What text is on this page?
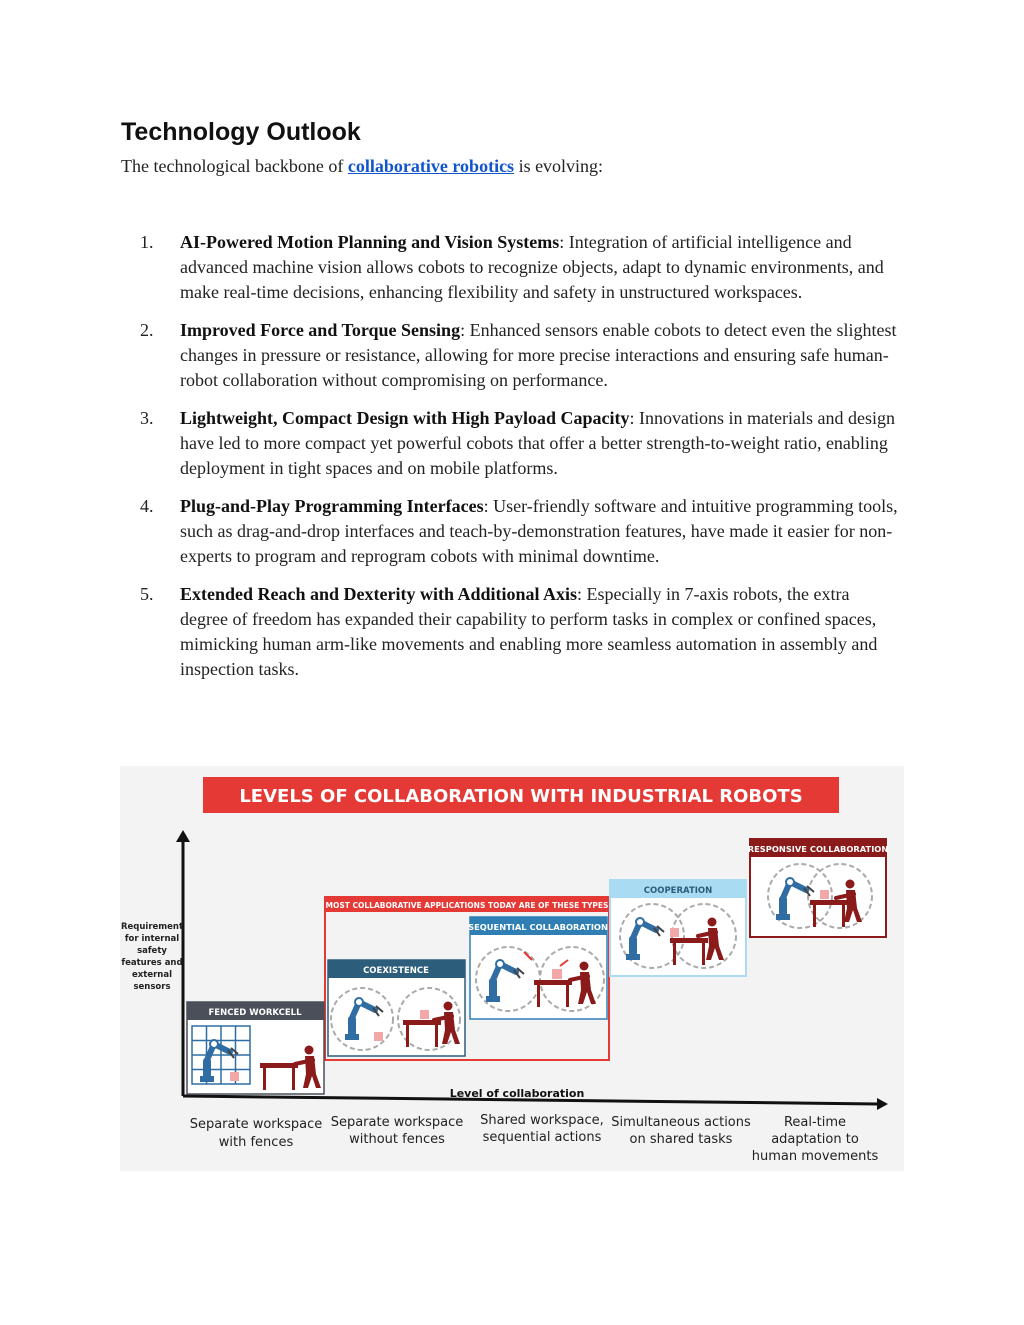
Technology Outlook

The technological backbone of collaborative robotics is evolving:

1. AI-Powered Motion Planning and Vision Systems: Integration of artificial intelligence and advanced machine vision allows cobots to recognize objects, adapt to dynamic environments, and make real-time decisions, enhancing flexibility and safety in unstructured workspaces.
2. Improved Force and Torque Sensing: Enhanced sensors enable cobots to detect even the slightest changes in pressure or resistance, allowing for more precise interactions and ensuring safe human-robot collaboration without compromising on performance.
3. Lightweight, Compact Design with High Payload Capacity: Innovations in materials and design have led to more compact yet powerful cobots that offer a better strength-to-weight ratio, enabling deployment in tight spaces and on mobile platforms.
4. Plug-and-Play Programming Interfaces: User-friendly software and intuitive programming tools, such as drag-and-drop interfaces and teach-by-demonstration features, have made it easier for non-experts to program and reprogram cobots with minimal downtime.
5. Extended Reach and Dexterity with Additional Axis: Especially in 7-axis robots, the extra degree of freedom has expanded their capability to perform tasks in complex or confined spaces, mimicking human arm-like movements and enabling more seamless automation in assembly and inspection tasks.
LEVELS OF COLLABORATION WITH INDUSTRIAL ROBOTS
Requirement
for internal
safety
features and
external
sensors
Level of collaboration
MOST COLLABORATIVE APPLICATIONS TODAY ARE OF THESE TYPES
FENCED WORKCELL
COEXISTENCE
SEQUENTIAL COLLABORATION
COOPERATION
RESPONSIVE COLLABORATION
Separate workspace
with fences
Separate workspace
without fences
Shared workspace,
sequential actions
Simultaneous actions
on shared tasks
Real-time
adaptation to
human movements
